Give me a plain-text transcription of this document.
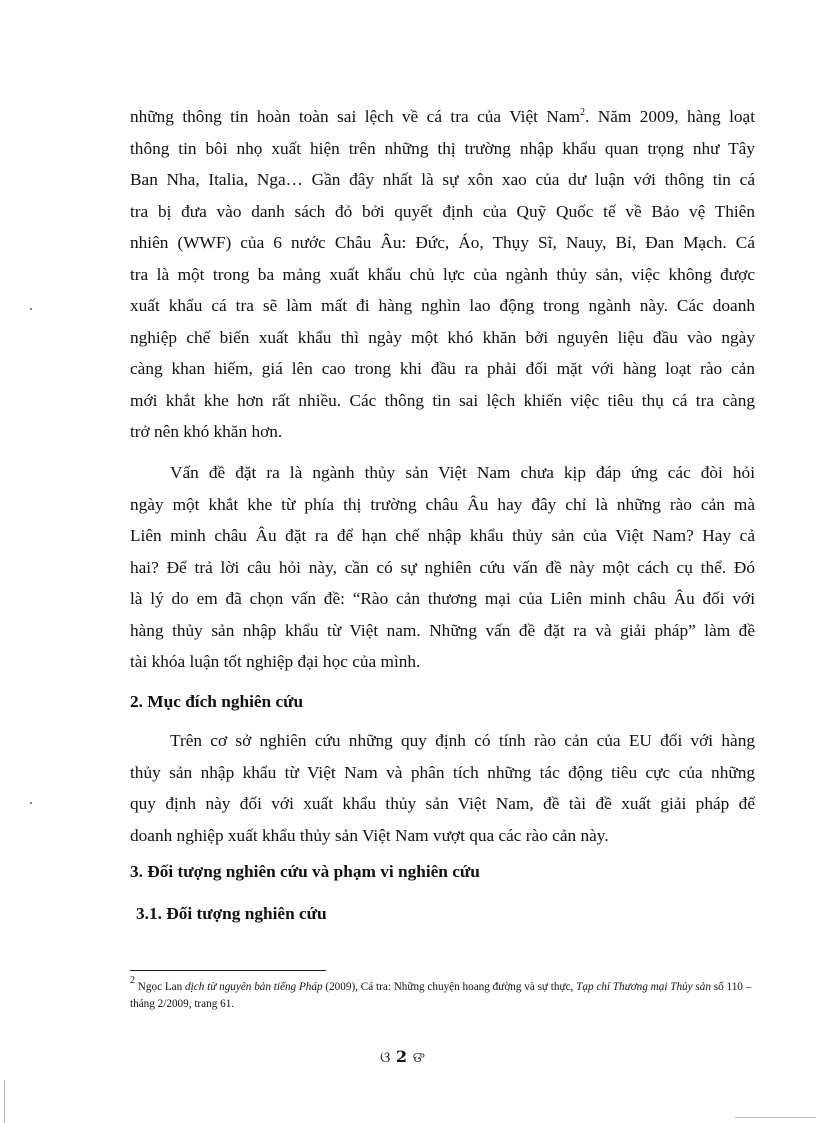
những thông tin hoàn toàn sai lệch về cá tra của Việt Nam$^2$. Năm 2009, hàng loạt
thông tin bôi nhọ xuất hiện trên những thị trường nhập khẩu quan trọng như Tây
Ban Nha, Italia, Nga… Gần đây nhất là sự xôn xao của dư luận với thông tin cá
tra bị đưa vào danh sách đỏ bởi quyết định của Quỹ Quốc tế về Bảo vệ Thiên
nhiên (WWF) của 6 nước Châu Âu: Đức, Áo, Thụy Sĩ, Nauy, Bỉ, Đan Mạch. Cá
tra là một trong ba mảng xuất khẩu chủ lực của ngành thủy sản, việc không được
xuất khẩu cá tra sẽ làm mất đi hàng nghìn lao động trong ngành này. Các doanh
nghiệp chế biến xuất khẩu thì ngày một khó khăn bởi nguyên liệu đầu vào ngày
càng khan hiếm, giá lên cao trong khi đầu ra phải đối mặt với hàng loạt rào cản
mới khắt khe hơn rất nhiều. Các thông tin sai lệch khiến việc tiêu thụ cá tra càng
trở nên khó khăn hơn.
Vấn đề đặt ra là ngành thủy sản Việt Nam chưa kịp đáp ứng các đòi hỏi
ngày một khắt khe từ phía thị trường châu Âu hay đây chỉ là những rào cản mà
Liên minh châu Âu đặt ra để hạn chế nhập khẩu thủy sản của Việt Nam? Hay cả
hai? Để trả lời câu hỏi này, cần có sự nghiên cứu vấn đề này một cách cụ thể. Đó
là lý do em đã chọn vấn đề: “Rào cản thương mại của Liên minh châu Âu đối với
hàng thủy sản nhập khẩu từ Việt nam. Những vấn đề đặt ra và giải pháp” làm đề
tài khóa luận tốt nghiệp đại học của mình.
2. Mục đích nghiên cứu
Trên cơ sở nghiên cứu những quy định có tính rào cản của EU đối với hàng
thủy sản nhập khẩu từ Việt Nam và phân tích những tác động tiêu cực của những
quy định này đối với xuất khẩu thủy sản Việt Nam, đề tài đề xuất giải pháp để
doanh nghiệp xuất khẩu thủy sản Việt Nam vượt qua các rào cản này.
3. Đối tượng nghiên cứu và phạm vi nghiên cứu
3.1. Đối tượng nghiên cứu

$^2$ Ngọc Lan dịch từ nguyên bản tiếng Pháp (2009), Cá tra: Những chuyện hoang đường và sự thực, Tạp chí Thương mại Thủy sản số 110 – tháng 2/2009, trang 61.

ଓ 2 ଙ
